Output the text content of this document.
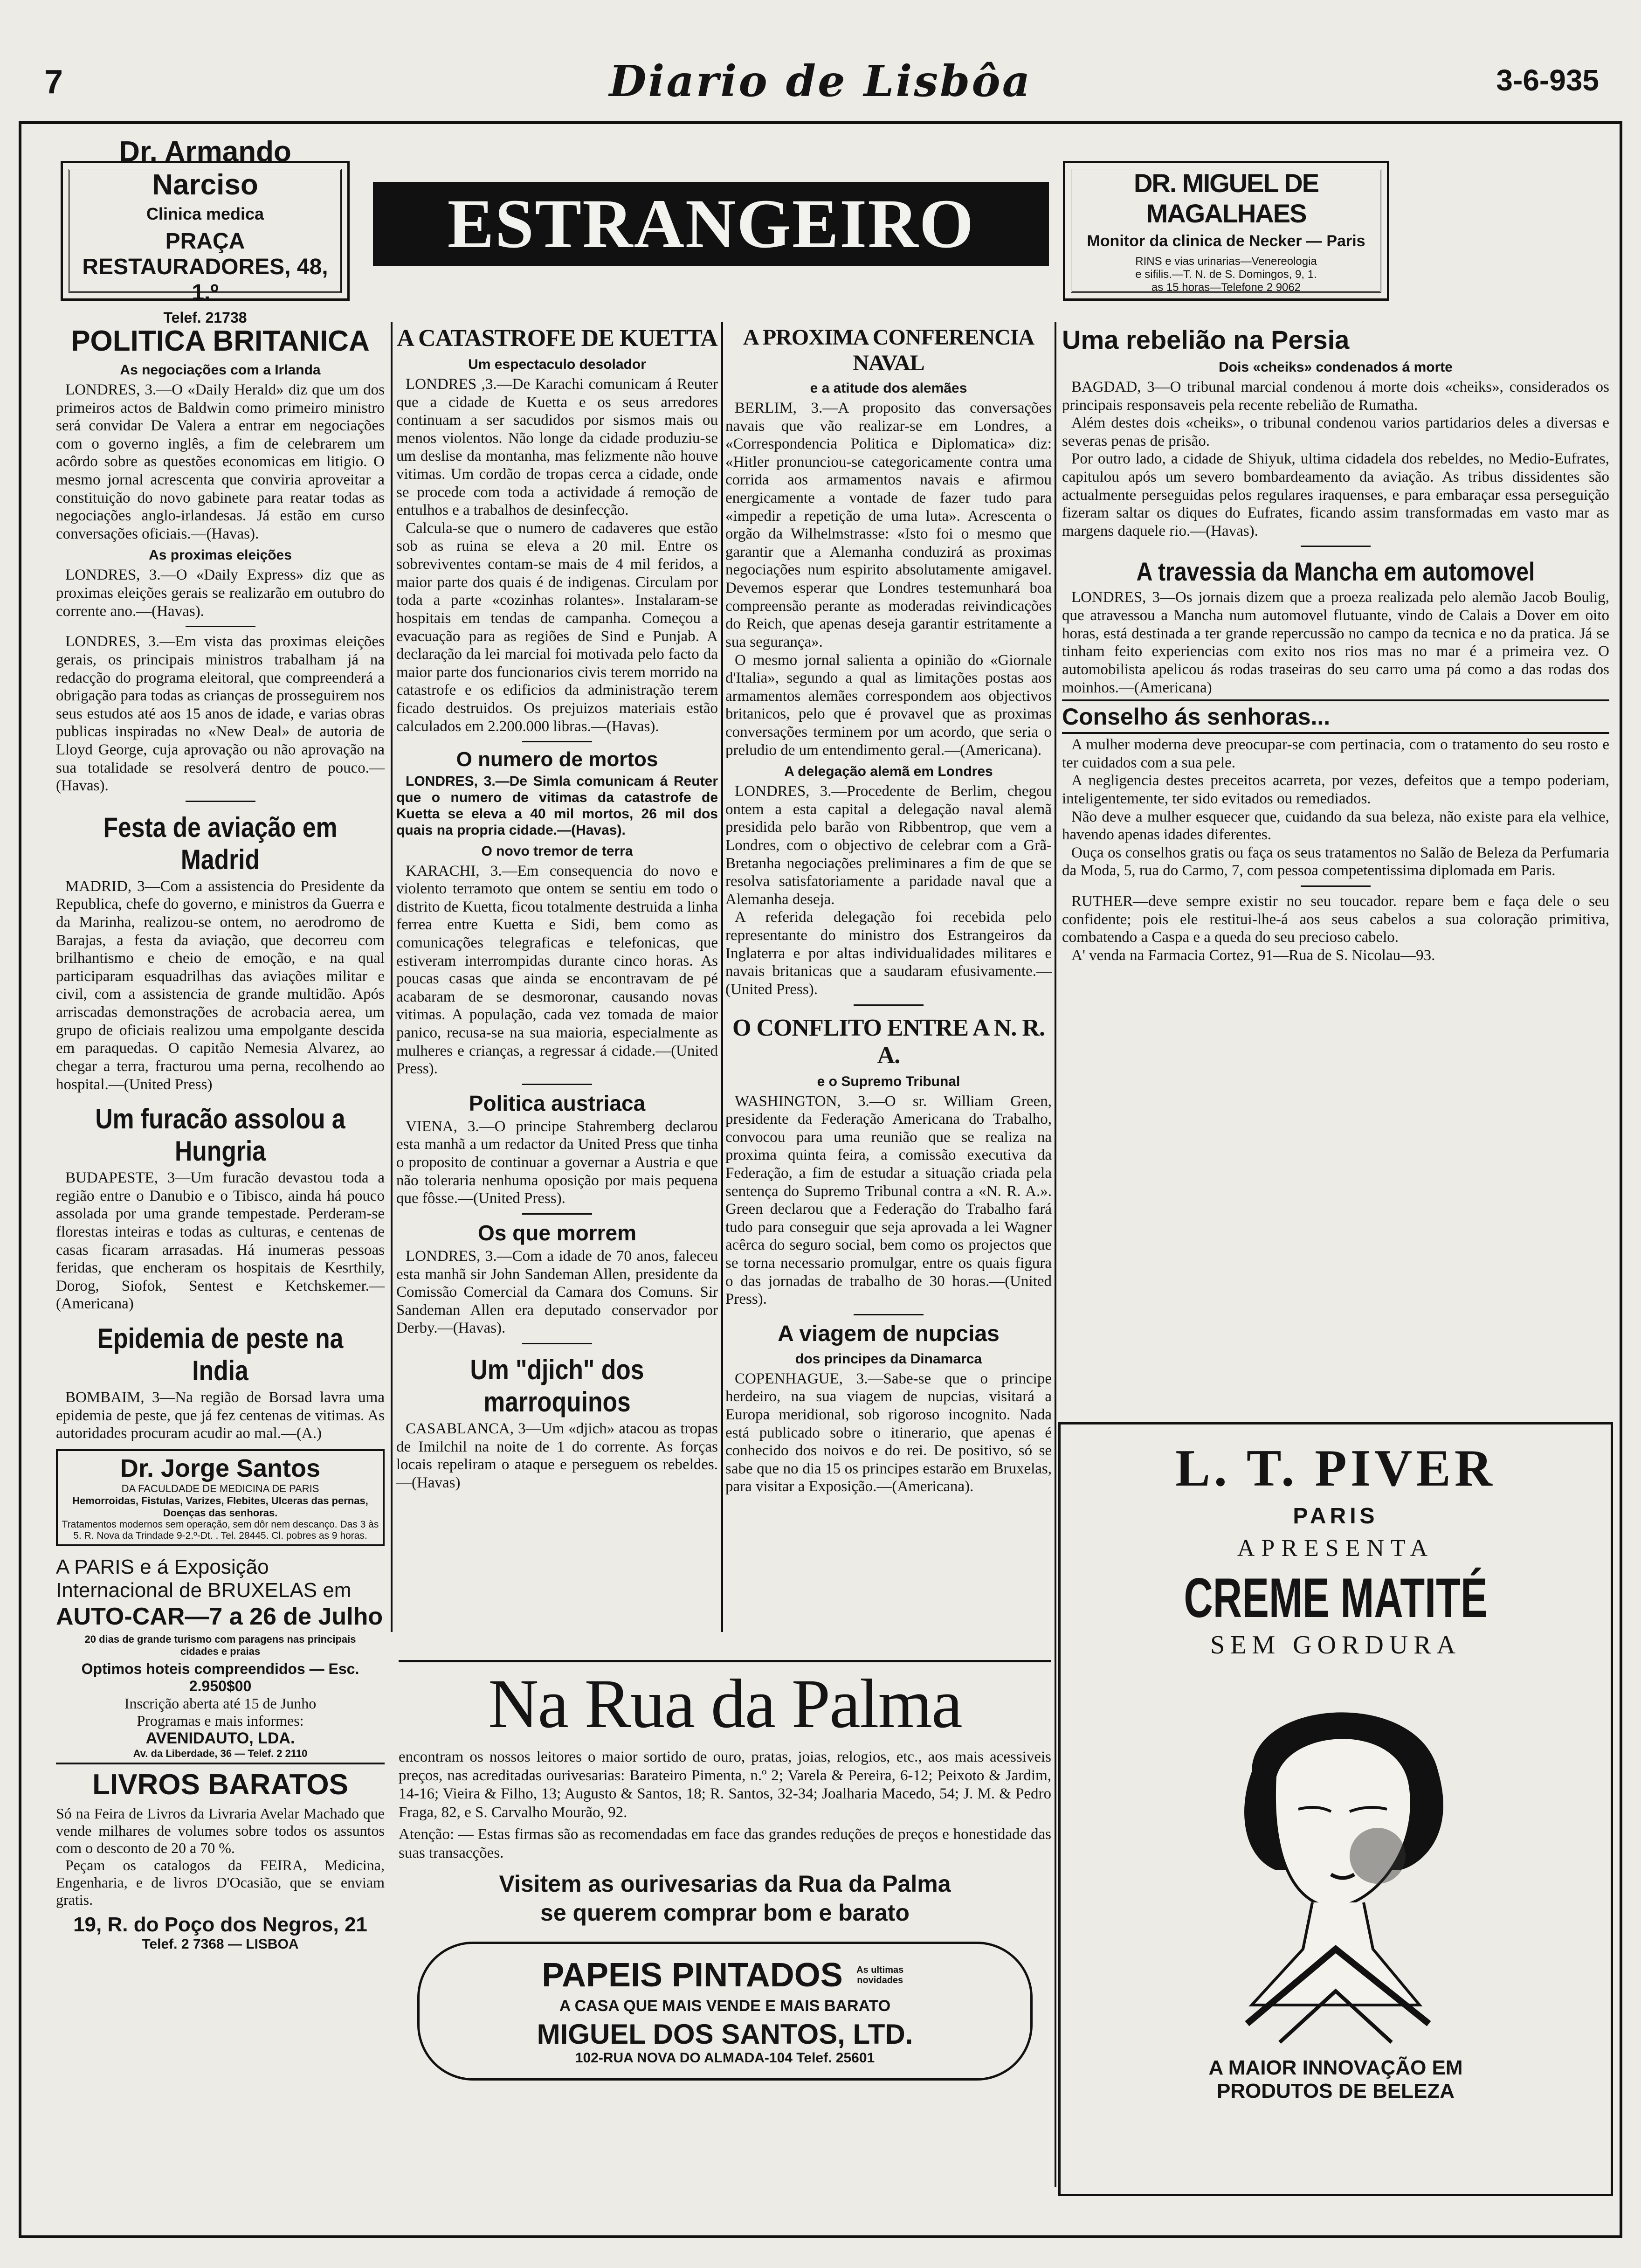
7	Diario de Lisbôa	3-6-935
Dr. Armando Narciso
Clinica medica
PRAÇA RESTAURADORES, 48, 1.º
Telef. 21738
ESTRANGEIRO
DR. MIGUEL DE MAGALHAES
Monitor da clinica de Necker — Paris
RINS e vias urinarias—Venereologia
e sifilis.—T. N. de S. Domingos, 9, 1.
as 15 horas—Telefone 2 9062
POLITICA BRITANICA
As negociações com a Irlanda

LONDRES, 3.—O «Daily Herald» diz que um dos primeiros actos de Baldwin como primeiro ministro será convidar De Valera a entrar em negociações com o governo inglês, a fim de celebrarem um acôrdo sobre as questões economicas em litigio. O mesmo jornal acrescenta que conviria aproveitar a constituição do novo gabinete para reatar todas as negociações anglo-irlandesas. Já estão em curso conversações oficiais.—(Havas).

As proximas eleições

LONDRES, 3.—O «Daily Express» diz que as proximas eleições gerais se realizarão em outubro do corrente ano.—(Havas).

LONDRES, 3.—Em vista das proximas eleições gerais, os principais ministros trabalham já na redacção do programa eleitoral, que compreenderá a obrigação para todas as crianças de prosseguirem nos seus estudos até aos 15 anos de idade, e varias obras publicas inspiradas no «New Deal» de autoria de Lloyd George, cuja aprovação ou não aprovação na sua totalidade se resolverá dentro de pouco.—(Havas).

Festa de aviação em Madrid

MADRID, 3—Com a assistencia do Presidente da Republica, chefe do governo, e ministros da Guerra e da Marinha, realizou-se ontem, no aerodromo de Barajas, a festa da aviação, que decorreu com brilhantismo e cheio de emoção, e na qual participaram esquadrilhas das aviações militar e civil, com a assistencia de grande multidão. Após arriscadas demonstrações de acrobacia aerea, um grupo de oficiais realizou uma empolgante descida em paraquedas. O capitão Nemesia Alvarez, ao chegar a terra, fracturou uma perna, recolhendo ao hospital.—(United Press)

Um furacão assolou a Hungria

BUDAPESTE, 3—Um furacão devastou toda a região entre o Danubio e o Tibisco, ainda há pouco assolada por uma grande tempestade. Perderam-se florestas inteiras e todas as culturas, e centenas de casas ficaram arrasadas. Há inumeras pessoas feridas, que encheram os hospitais de Kesrthily, Dorog, Siofok, Sentest e Ketchskemer.—(Americana)

Epidemia de peste na India

BOMBAIM, 3—Na região de Borsad lavra uma epidemia de peste, que já fez centenas de vitimas. As autoridades procuram acudir ao mal.—(A.)

Dr. Jorge Santos
DA FACULDADE DE MEDICINA DE PARIS
Hemorroidas, Fistulas, Varizes, Flebites, Ulceras das pernas, Doenças das senhoras.
Tratamentos modernos sem operação, sem dôr nem descanço. Das 3 às 5. R. Nova da Trindade 9-2.º-Dt. . Tel. 28445. Cl. pobres as 9 horas.
A PARIS e á Exposição Internacional de BRUXELAS em
AUTO-CAR—7 a 26 de Julho
20 dias de grande turismo com paragens nas principais cidades e praias
Optimos hoteis compreendidos — Esc. 2.950$00
Inscrição aberta até 15 de Junho
Programas e mais informes:
AVENIDAUTO, LDA.
Av. da Liberdade, 36 — Telef. 2 2110
LIVROS BARATOS
Só na Feira de Livros da Livraria Avelar Machado que vende milhares de volumes sobre todos os assuntos com o desconto de 20 a 70 %.
Peçam os catalogos da FEIRA, Medicina, Engenharia, e de livros D'Ocasião, que se enviam gratis.
19, R. do Poço dos Negros, 21
Telef. 2 7368 — LISBOA
A CATASTROFE DE KUETTA
Um espectaculo desolador

LONDRES ,3.—De Karachi comunicam á Reuter que a cidade de Kuetta e os seus arredores continuam a ser sacudidos por sismos mais ou menos violentos. Não longe da cidade produziu-se um deslise da montanha, mas felizmente não houve vitimas. Um cordão de tropas cerca a cidade, onde se procede com toda a actividade á remoção de entulhos e a trabalhos de desinfecção.

Calcula-se que o numero de cadaveres que estão sob as ruina se eleva a 20 mil. Entre os sobreviventes contam-se mais de 4 mil feridos, a maior parte dos quais é de indigenas. Circulam por toda a parte «cozinhas rolantes». Instalaram-se hospitais em tendas de campanha. Começou a evacuação para as regiões de Sind e Punjab. A declaração da lei marcial foi motivada pelo facto da maior parte dos funcionarios civis terem morrido na catastrofe e os edificios da administração terem ficado destruidos. Os prejuizos materiais estão calculados em 2.200.000 libras.—(Havas).

O numero de mortos

LONDRES, 3.—De Simla comunicam á Reuter que o numero de vitimas da catastrofe de Kuetta se eleva a 40 mil mortos, 26 mil dos quais na propria cidade.—(Havas).

O novo tremor de terra

KARACHI, 3.—Em consequencia do novo e violento terramoto que ontem se sentiu em todo o distrito de Kuetta, ficou totalmente destruida a linha ferrea entre Kuetta e Sidi, bem como as comunicações telegraficas e telefonicas, que estiveram interrompidas durante cinco horas. As poucas casas que ainda se encontravam de pé acabaram de se desmoronar, causando novas vitimas. A população, cada vez tomada de maior panico, recusa-se na sua maioria, especialmente as mulheres e crianças, a regressar á cidade.—(United Press).

Politica austriaca

VIENA, 3.—O principe Stahremberg declarou esta manhã a um redactor da United Press que tinha o proposito de continuar a governar a Austria e que não toleraria nenhuma oposição por mais pequena que fôsse.—(United Press).

Os que morrem

LONDRES, 3.—Com a idade de 70 anos, faleceu esta manhã sir John Sandeman Allen, presidente da Comissão Comercial da Camara dos Comuns. Sir Sandeman Allen era deputado conservador por Derby.—(Havas).

Um "djich" dos marroquinos

CASABLANCA, 3—Um «djich» atacou as tropas de Imilchil na noite de 1 do corrente. As forças locais repeliram o ataque e perseguem os rebeldes.—(Havas)

A PROXIMA CONFERENCIA NAVAL
e a atitude dos alemães

BERLIM, 3.—A proposito das conversações navais que vão realizar-se em Londres, a «Correspondencia Politica e Diplomatica» diz: «Hitler pronunciou-se categoricamente contra uma corrida aos armamentos navais e afirmou energicamente a vontade de fazer tudo para «impedir a repetição de uma luta». Acrescenta o orgão da Wilhelmstrasse: «Isto foi o mesmo que garantir que a Alemanha conduzirá as proximas negociações num espirito absolutamente amigavel. Devemos esperar que Londres testemunhará boa compreensão perante as moderadas reivindicações do Reich, que apenas deseja garantir estritamente a sua segurança».

O mesmo jornal salienta a opinião do «Giornale d'Italia», segundo a qual as limitações postas aos armamentos alemães correspondem aos objectivos britanicos, pelo que é provavel que as proximas conversações terminem por um acordo, que seria o preludio de um entendimento geral.—(Americana).

A delegação alemã em Londres

LONDRES, 3.—Procedente de Berlim, chegou ontem a esta capital a delegação naval alemã presidida pelo barão von Ribbentrop, que vem a Londres, com o objectivo de celebrar com a Grã-Bretanha negociações preliminares a fim de que se resolva satisfatoriamente a paridade naval que a Alemanha deseja.

A referida delegação foi recebida pelo representante do ministro dos Estrangeiros da Inglaterra e por altas individualidades militares e navais britanicas que a saudaram efusivamente.—(United Press).

O CONFLITO ENTRE A N. R. A.
e o Supremo Tribunal

WASHINGTON, 3.—O sr. William Green, presidente da Federação Americana do Trabalho, convocou para uma reunião que se realiza na proxima quinta feira, a comissão executiva da Federação, a fim de estudar a situação criada pela sentença do Supremo Tribunal contra a «N. R. A.». Green declarou que a Federação do Trabalho fará tudo para conseguir que seja aprovada a lei Wagner acêrca do seguro social, bem como os projectos que se torna necessario promulgar, entre os quais figura o das jornadas de trabalho de 30 horas.—(United Press).

A viagem de nupcias
dos principes da Dinamarca

COPENHAGUE, 3.—Sabe-se que o principe herdeiro, na sua viagem de nupcias, visitará a Europa meridional, sob rigoroso incognito. Nada está publicado sobre o itinerario, que apenas é conhecido dos noivos e do rei. De positivo, só se sabe que no dia 15 os principes estarão em Bruxelas, para visitar a Exposição.—(Americana).

Na Rua da Palma
encontram os nossos leitores o maior sortido de ouro, pratas, joias, relogios, etc., aos mais acessiveis preços, nas acreditadas ourivesarias: Barateiro Pimenta, n.º 2; Varela & Pereira, 6-12; Peixoto & Jardim, 14-16; Vieira & Filho, 13; Augusto & Santos, 18; R. Santos, 32-34; Joalharia Macedo, 54; J. M. & Pedro Fraga, 82, e S. Carvalho Mourão, 92.
Atenção: — Estas firmas são as recomendadas em face das grandes reduções de preços e honestidade das suas transacções.
Visitem as ourivesarias da Rua da Palma
se querem comprar bom e barato
PAPEIS PINTADOS	As ultimas novidades
A CASA QUE MAIS VENDE E MAIS BARATO
MIGUEL DOS SANTOS, LTD.
102-RUA NOVA DO ALMADA-104 Telef. 25601
Uma rebelião na Persia
Dois «cheiks» condenados á morte

BAGDAD, 3—O tribunal marcial condenou á morte dois «cheiks», considerados os principais responsaveis pela recente rebelião de Rumatha.

Além destes dois «cheiks», o tribunal condenou varios partidarios deles a diversas e severas penas de prisão.

Por outro lado, a cidade de Shiyuk, ultima cidadela dos rebeldes, no Medio-Eufrates, capitulou após um severo bombardeamento da aviação. As tribus dissidentes são actualmente perseguidas pelos regulares iraquenses, e para embaraçar essa perseguição fizeram saltar os diques do Eufrates, ficando assim transformadas em vasto mar as margens daquele rio.—(Havas).

A travessia da Mancha em automovel

LONDRES, 3—Os jornais dizem que a proeza realizada pelo alemão Jacob Boulig, que atravessou a Mancha num automovel flutuante, vindo de Calais a Dover em oito horas, está destinada a ter grande repercussão no campo da tecnica e no da pratica. Já se tinham feito experiencias com exito nos rios mas no mar é a primeira vez. O automobilista apelicou ás rodas traseiras do seu carro uma pá como a das rodas dos moinhos.—(Americana)

Conselho ás senhoras...

A mulher moderna deve preocupar-se com pertinacia, com o tratamento do seu rosto e ter cuidados com a sua pele.

A negligencia destes preceitos acarreta, por vezes, defeitos que a tempo poderiam, inteligentemente, ter sido evitados ou remediados.

Não deve a mulher esquecer que, cuidando da sua beleza, não existe para ela velhice, havendo apenas idades diferentes.

Ouça os conselhos gratis ou faça os seus tratamentos no Salão de Beleza da Perfumaria da Moda, 5, rua do Carmo, 7, com pessoa competentissima diplomada em Paris.

RUTHER—deve sempre existir no seu toucador. repare bem e faça dele o seu confidente; pois ele restitui-lhe-á aos seus cabelos a sua coloração primitiva, combatendo a Caspa e a queda do seu precioso cabelo.

A' venda na Farmacia Cortez, 91—Rua de S. Nicolau—93.

L. T. PIVER
PARIS
APRESENTA
CREME MATITÉ
SEM GORDURA
A MAIOR INNOVAÇÃO EM
PRODUTOS DE BELEZA
